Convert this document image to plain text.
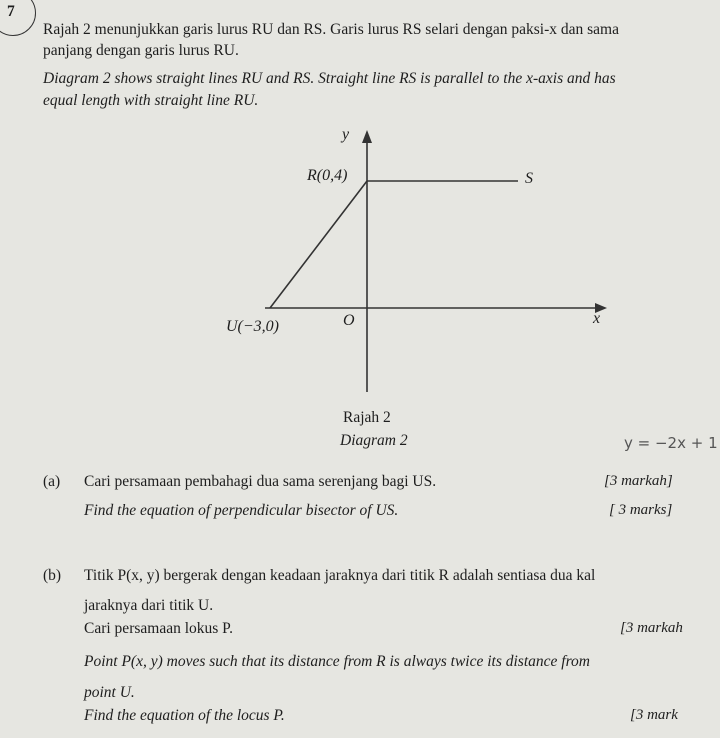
7
Rajah 2 menunjukkan garis lurus RU dan RS. Garis lurus RS selari dengan paksi-x dan sama
panjang dengan garis lurus RU.
Diagram 2 shows straight lines RU and RS. Straight line RS is parallel to the x-axis and has
equal length with straight line RU.
y
x
O
R(0,4)	S
U(−3,0)
Rajah 2
Diagram 2	y = −2x + 1
(a) Cari persamaan pembahagi dua sama serenjang bagi US.	[3 markah]
Find the equation of perpendicular bisector of US.	[ 3 marks]
(b) Titik P(x, y) bergerak dengan keadaan jaraknya dari titik R adalah sentiasa dua kal
jaraknya dari titik U.
Cari persamaan lokus P.	[3 markah
Point P(x, y) moves such that its distance from R is always twice its distance from
point U.
Find the equation of the locus P.	[3 mark
